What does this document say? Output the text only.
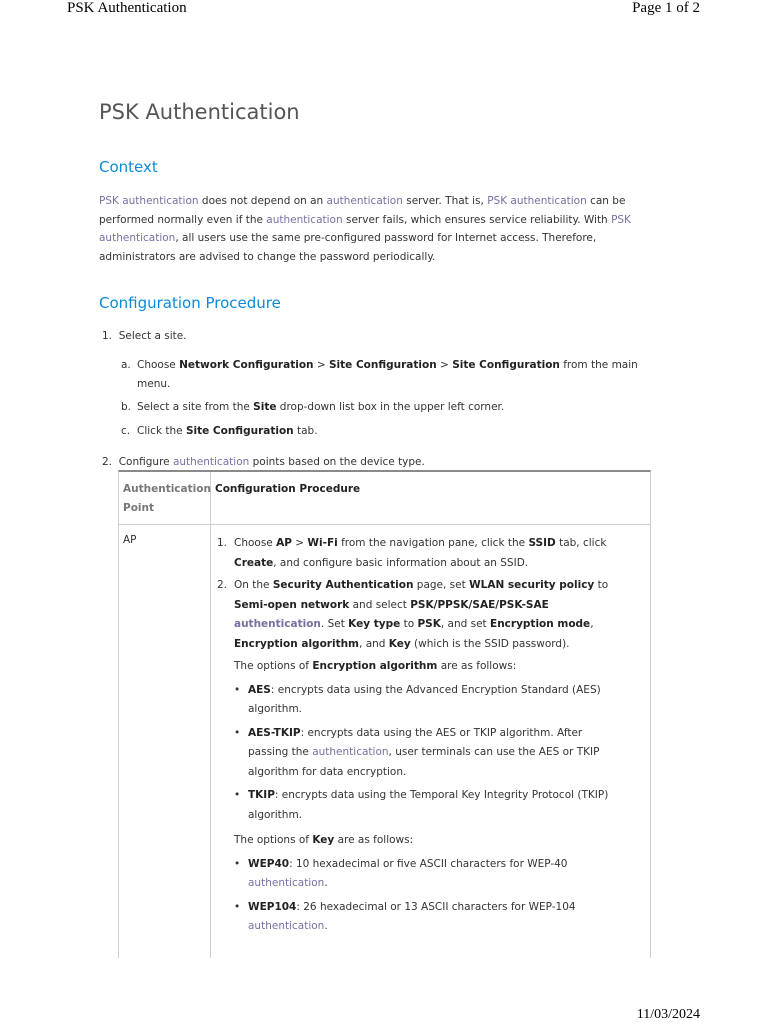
PSK Authentication	Page 1 of 2
PSK Authentication
Context
PSK authentication does not depend on an authentication server. That is, PSK authentication can be performed normally even if the authentication server fails, which ensures service reliability. With PSK authentication, all users use the same pre-configured password for Internet access. Therefore, administrators are advised to change the password periodically.
Configuration Procedure
1. Select a site.
a. Choose Network Configuration > Site Configuration > Site Configuration from the main menu.
b. Select a site from the Site drop-down list box in the upper left corner.
c. Click the Site Configuration tab.
2. Configure authentication points based on the device type.
Authentication Point
Configuration Procedure
AP	1. Choose AP > Wi-Fi from the navigation pane, click the SSID tab, click Create, and configure basic information about an SSID.
2. On the Security Authentication page, set WLAN security policy to Semi-open network and select PSK/PPSK/SAE/PSK-SAE authentication. Set Key type to PSK, and set Encryption mode, Encryption algorithm, and Key (which is the SSID password).
The options of Encryption algorithm are as follows:
• AES: encrypts data using the Advanced Encryption Standard (AES) algorithm.
• AES-TKIP: encrypts data using the AES or TKIP algorithm. After passing the authentication, user terminals can use the AES or TKIP algorithm for data encryption.
• TKIP: encrypts data using the Temporal Key Integrity Protocol (TKIP) algorithm.
The options of Key are as follows:
• WEP40: 10 hexadecimal or five ASCII characters for WEP-40 authentication.
• WEP104: 26 hexadecimal or 13 ASCII characters for WEP-104 authentication.
11/03/2024
